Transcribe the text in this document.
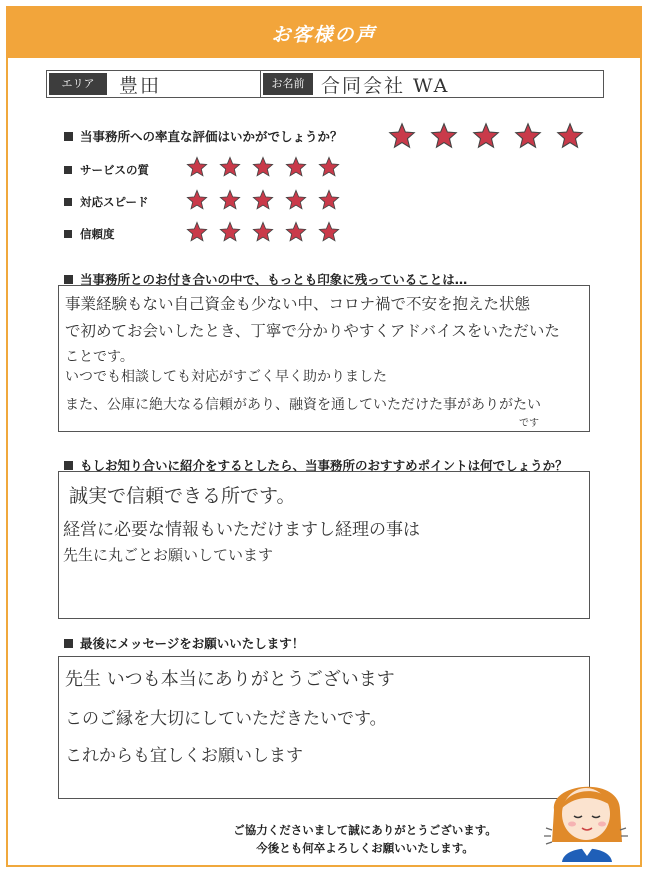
お客様の声
エリア	豊田	お名前 合同会社 WA
当事務所への率直な評価はいかがでしょうか？
サービスの質
対応スピード
信頼度
当事務所とのお付き合いの中で、もっとも印象に残っていることは…
事業経験もない自己資金も少ない中、コロナ禍で不安を抱えた状態
で初めてお会いしたとき、丁寧で分かりやすくアドバイスをいただいた
ことです。
いつでも相談しても対応がすごく早く助かりました
また、公庫に絶大なる信頼があり、融資を通していただけた事がありがたい
です
もしお知り合いに紹介をするとしたら、当事務所のおすすめポイントは何でしょうか？
誠実で信頼できる所です。
経営に必要な情報もいただけますし経理の事は
先生に丸ごとお願いしています
最後にメッセージをお願いいたします！
先生 いつも本当にありがとうございます
このご縁を大切にしていただきたいです。
これからも宜しくお願いします
ご協力くださいまして誠にありがとうございます。
今後とも何卒よろしくお願いいたします。
